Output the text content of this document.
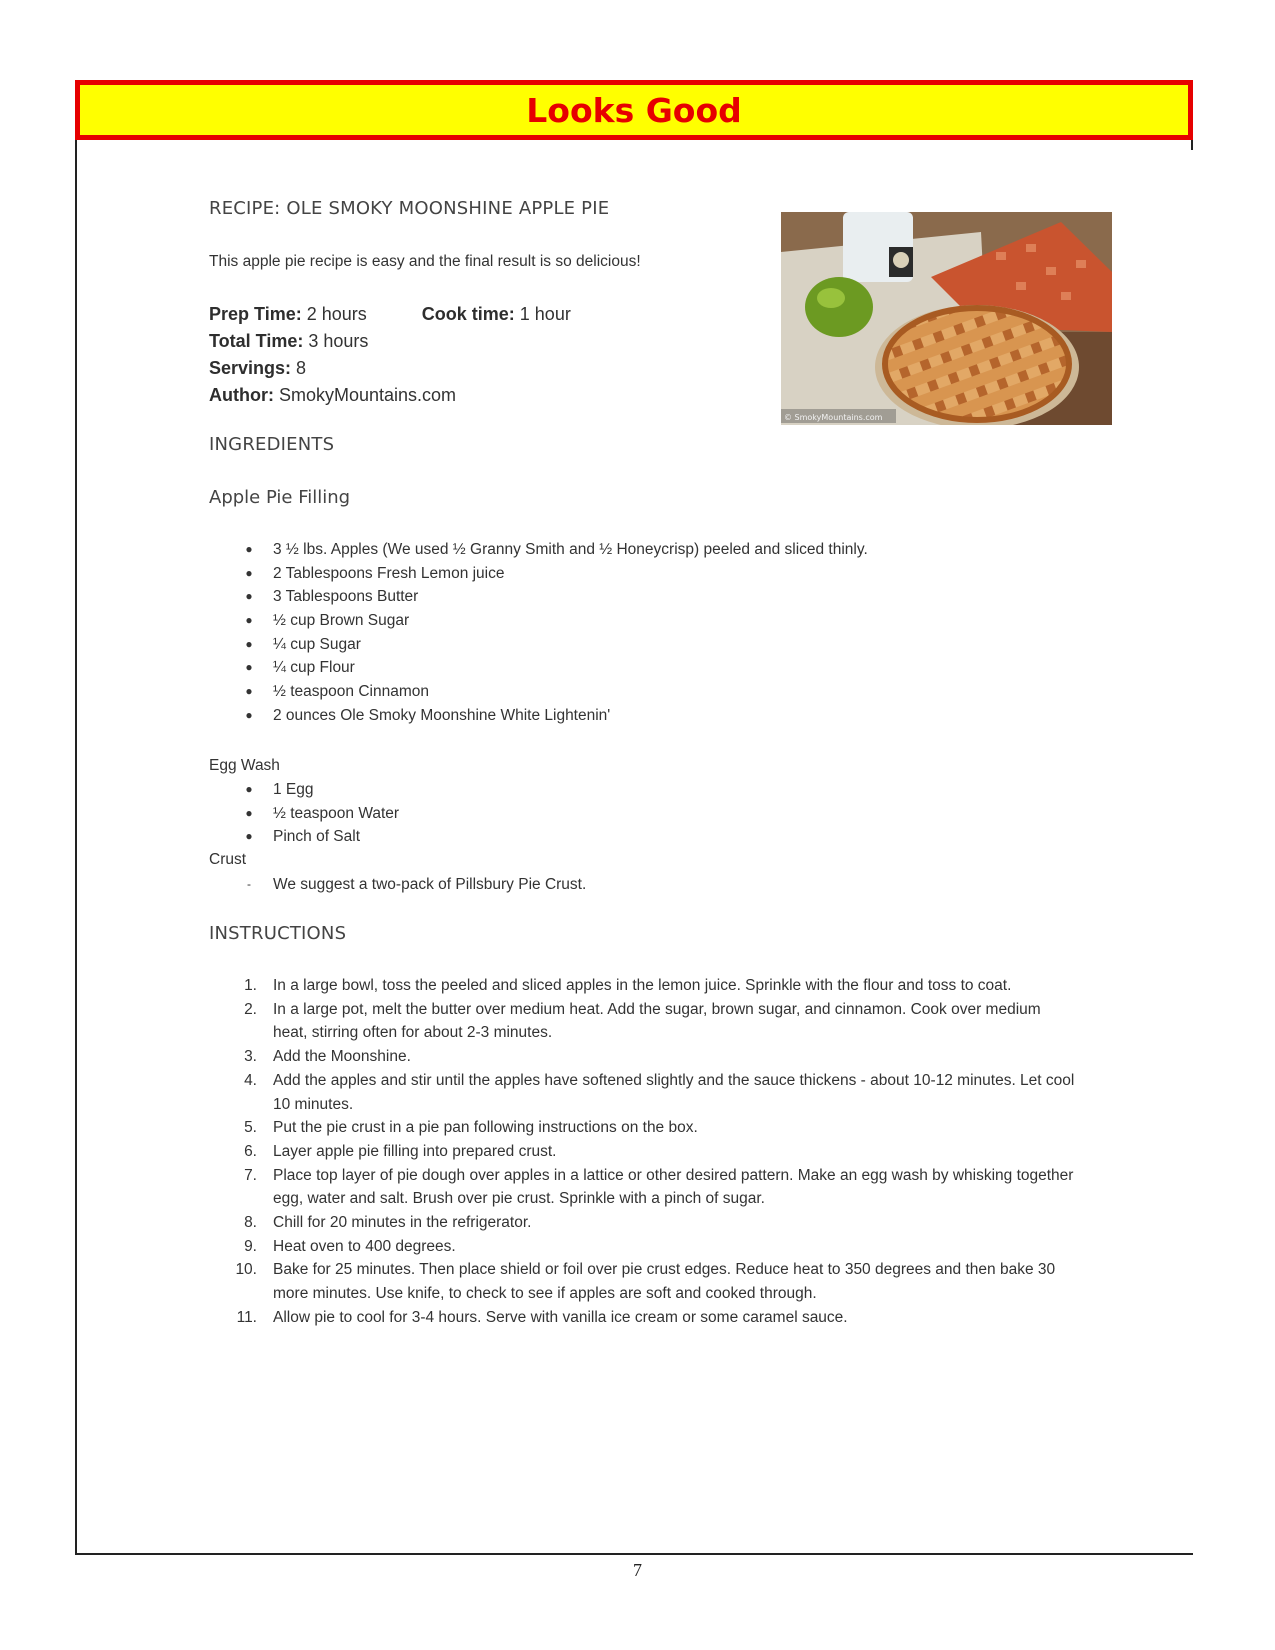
Looks Good
RECIPE: OLE SMOKY MOONSHINE APPLE PIE
This apple pie recipe is easy and the final result is so delicious!
Prep Time: 2 hours	Cook time: 1 hour
Total Time: 3 hours
Servings: 8
Author: SmokyMountains.com
© SmokyMountains.com
INGREDIENTS
Apple Pie Filling
● 3 ½ lbs. Apples (We used ½ Granny Smith and ½ Honeycrisp) peeled and sliced thinly.
● 2 Tablespoons Fresh Lemon juice
● 3 Tablespoons Butter
● ½ cup Brown Sugar
● ¼ cup Sugar
● ¼ cup Flour
● ½ teaspoon Cinnamon
● 2 ounces Ole Smoky Moonshine White Lightenin'
Egg Wash
● 1 Egg
● ½ teaspoon Water
● Pinch of Salt
Crust
-	We suggest a two-pack of Pillsbury Pie Crust.
INSTRUCTIONS
1. In a large bowl, toss the peeled and sliced apples in the lemon juice. Sprinkle with the flour and toss to coat.
2. In a large pot, melt the butter over medium heat. Add the sugar, brown sugar, and cinnamon. Cook over medium heat, stirring often for about 2-3 minutes.
3. Add the Moonshine.
4. Add the apples and stir until the apples have softened slightly and the sauce thickens - about 10-12 minutes. Let cool 10 minutes.
5. Put the pie crust in a pie pan following instructions on the box.
6. Layer apple pie filling into prepared crust.
7. Place top layer of pie dough over apples in a lattice or other desired pattern. Make an egg wash by whisking together egg, water and salt. Brush over pie crust. Sprinkle with a pinch of sugar.
8. Chill for 20 minutes in the refrigerator.
9. Heat oven to 400 degrees.
10. Bake for 25 minutes. Then place shield or foil over pie crust edges. Reduce heat to 350 degrees and then bake 30 more minutes. Use knife, to check to see if apples are soft and cooked through.
11. Allow pie to cool for 3-4 hours. Serve with vanilla ice cream or some caramel sauce.
7
